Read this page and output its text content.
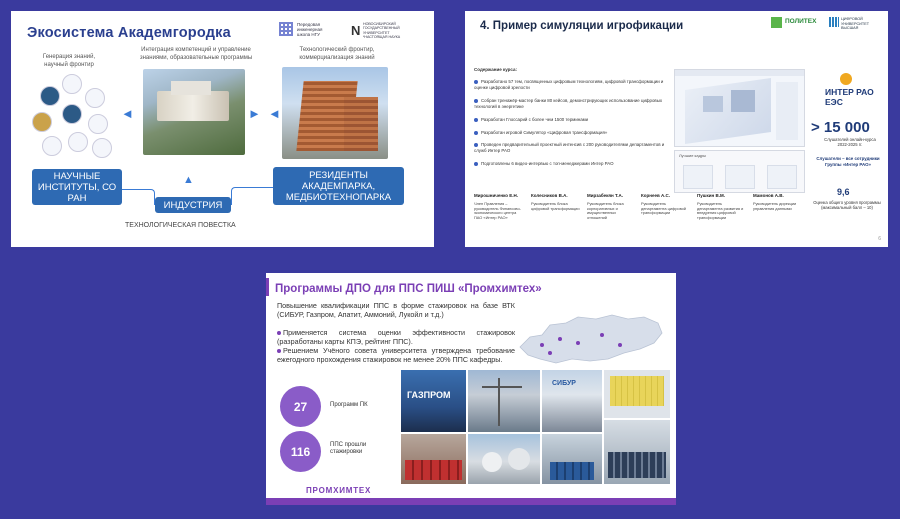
Экосистема Академгородка
Передовая
инженерная
школа НГУ N НОВОСИБИРСКИЙ
ГОСУДАРСТВЕННЫЙ
УНИВЕРСИТЕТ
*НАСТОЯЩАЯ НАУКА
Генерация знаний, научный фронтир
Интеграция компетенций и управление знаниями, образовательные программы
Технологический фронтир, коммерциализация знаний
◄	► ◄
НАУЧНЫЕ ИНСТИТУТЫ, СО РАН
ИНДУСТРИЯ
РЕЗИДЕНТЫ АКАДЕМПАРКА, МЕДБИОТЕХНОПАРКА
▲
ТЕХНОЛОГИЧЕСКАЯ ПОВЕСТКА
4. Пример симуляции игрофикации	ПОЛИТЕХ	ЦИФРОВОЙ
УНИВЕРСИТЕТ
ВЫСШАЯ
Содержание курса:
Разработано 57 тем, посвященных цифровым технологиям, цифровой трансформации и оценке цифровой зрелости
Собран тренажёр-мастер банки 80 кейсов, демонстрирующих использование цифровых технологий в энергетике
Разработан Глоссарий с более чем 1500 терминами
Разработан игровой Симулятор «Цифровая трансформация»
Проведен предварительный проектный интенсив с 200 руководителями департаментов и служб Интер РАО
Подготовлены 6 видео-интервью с топ-менеджерами Интер РАО
Лучшие кадры
ИНТЕР РАО ЕЭС
> 15 000
Слушателей онлайн-курса 2022-2025 гг.
Слушатели – все сотрудники Группы «Интер РАО»
9,6
Оценка общего уровня программы (максимальный балл – 10)
Мирошниченко Е.Н.
Член Правления – руководитель Финансово-экономического центра ПАО «Интер РАО»
Колесников В.А.
Руководитель блока цифровой трансформации
Мирзабекян Т.А.
Руководитель блока корпоративных и имущественных отношений
Корнеев А.С.
Руководитель департамента цифровой трансформации
Пушкин В.М.
Руководитель департамента развития и внедрения цифровой трансформации
Мамонов А.В.
Руководитель дирекции управления данными
6
Программы ДПО для ППС ПИШ «Промхимтех»
Повышение квалификации ППС в форме стажировок на базе ВТК (СИБУР, Газпром, Апатит, Аммоний, Лукойл и т.д.)
Применяется система оценки эффективности стажировок (разработаны карты КПЭ, рейтинг ППС).
Решением Учёного совета университета утверждена требование ежегодного прохождения стажировок не менее 20% ППС кафедры.
27	Программ ПК
116	ППС прошли стажировки
ГАЗПРОМ
СИБУР
ПРОМХИМТЕХ
